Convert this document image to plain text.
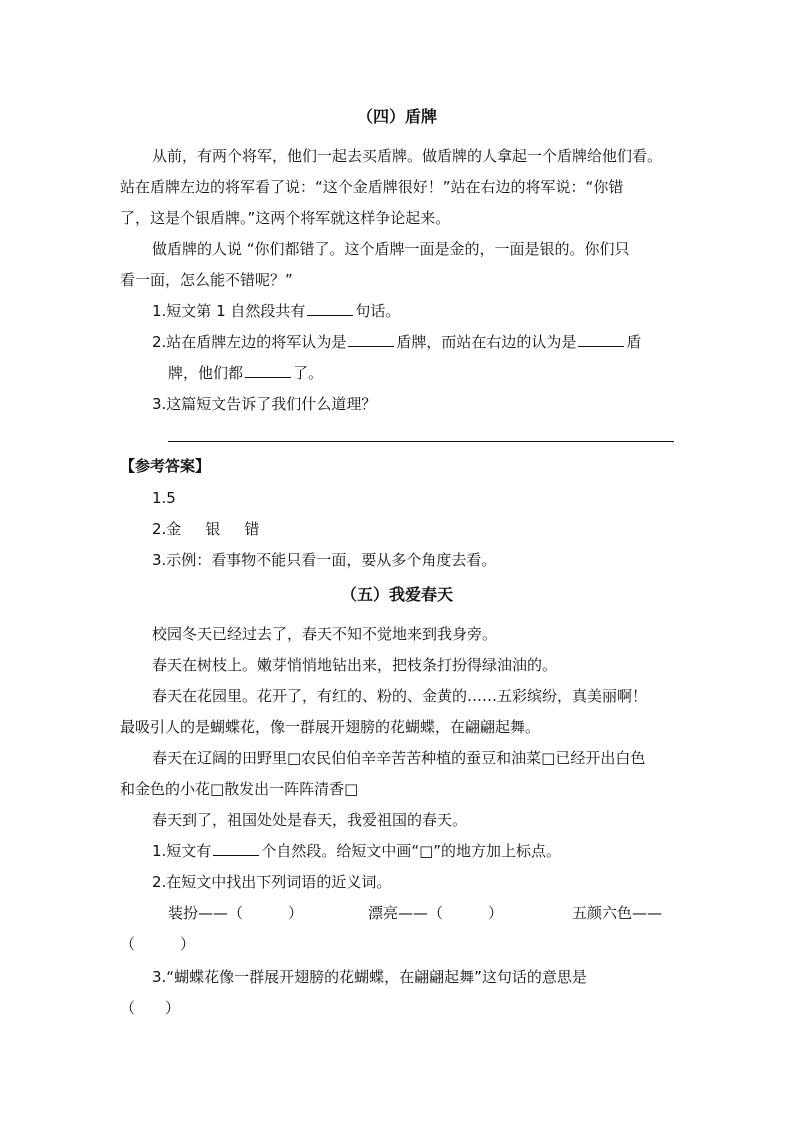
（四）盾牌
从前，有两个将军，他们一起去买盾牌。做盾牌的人拿起一个盾牌给他们看。
站在盾牌左边的将军看了说：“这个金盾牌很好！”站在右边的将军说：“你错
了，这是个银盾牌。”这两个将军就这样争论起来。
做盾牌的人说 “你们都错了。这个盾牌一面是金的，一面是银的。你们只
看一面，怎么能不错呢？”
1.短文第 1 自然段共有	句话。
2.站在盾牌左边的将军认为是	盾牌，而站在右边的认为是	盾
牌，他们都	了。
3.这篇短文告诉了我们什么道理？
【参考答案】
1.5
2.金 银 错
3.示例：看事物不能只看一面，要从多个角度去看。
（五）我爱春天
校园冬天已经过去了，春天不知不觉地来到我身旁。
春天在树枝上。嫩芽悄悄地钻出来，把枝条打扮得绿油油的。
春天在花园里。花开了，有红的、粉的、金黄的……五彩缤纷，真美丽啊！
最吸引人的是蝴蝶花，像一群展开翅膀的花蝴蝶，在翩翩起舞。
春天在辽阔的田野里□农民伯伯辛辛苦苦种植的蚕豆和油菜□已经开出白色
和金色的小花□散发出一阵阵清香□
春天到了，祖国处处是春天，我爱祖国的春天。
1.短文有	个自然段。给短文中画“□”的地方加上标点。
2.在短文中找出下列词语的近义词。
装扮——（　　　）	漂亮——（　　　）	五颜六色——
（　　　）
3.“蝴蝶花像一群展开翅膀的花蝴蝶，在翩翩起舞”这句话的意思是
（　　）
